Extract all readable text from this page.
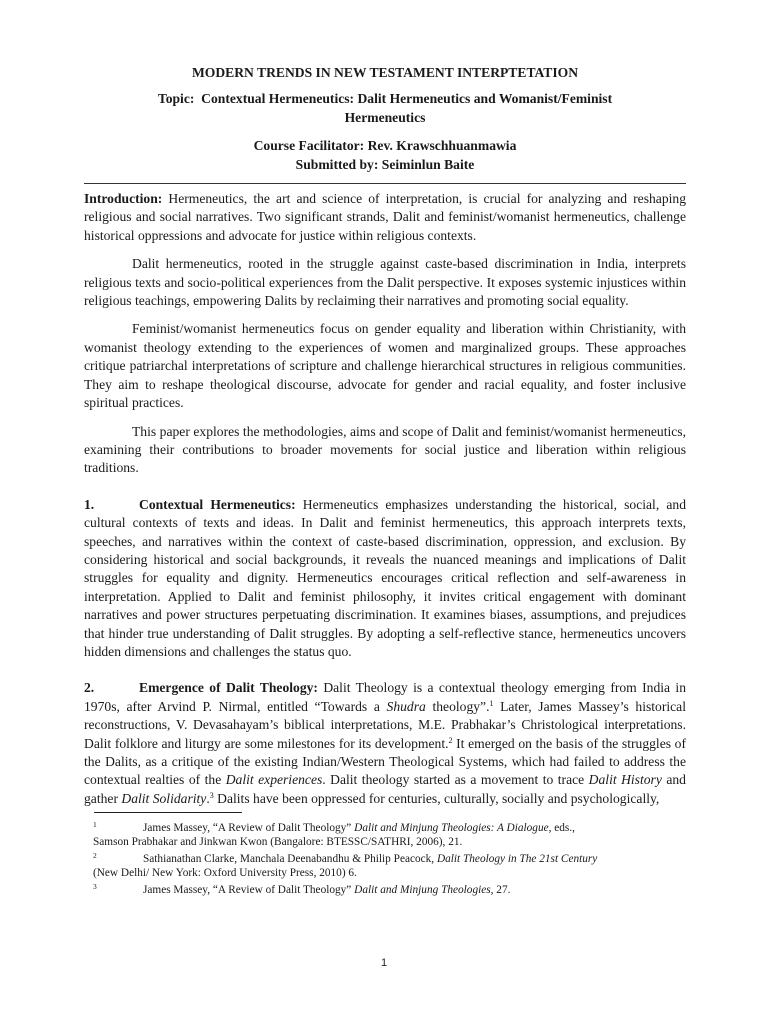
MODERN TRENDS IN NEW TESTAMENT INTERPTETATION
Topic:  Contextual Hermeneutics: Dalit Hermeneutics and Womanist/Feminist
Hermeneutics
Course Facilitator: Rev. Krawschhuanmawia
Submitted by: Seiminlun Baite

Introduction: Hermeneutics, the art and science of interpretation, is crucial for analyzing and reshaping religious and social narratives. Two significant strands, Dalit and feminist/womanist hermeneutics, challenge historical oppressions and advocate for justice within religious contexts.

Dalit hermeneutics, rooted in the struggle against caste-based discrimination in India, interprets religious texts and socio-political experiences from the Dalit perspective. It exposes systemic injustices within religious teachings, empowering Dalits by reclaiming their narratives and promoting social equality.

Feminist/womanist hermeneutics focus on gender equality and liberation within Christianity, with womanist theology extending to the experiences of women and marginalized groups. These approaches critique patriarchal interpretations of scripture and challenge hierarchical structures in religious communities. They aim to reshape theological discourse, advocate for gender and racial equality, and foster inclusive spiritual practices.

This paper explores the methodologies, aims and scope of Dalit and feminist/womanist hermeneutics, examining their contributions to broader movements for social justice and liberation within religious traditions.

1.	Contextual Hermeneutics: Hermeneutics emphasizes understanding the historical, social, and cultural contexts of texts and ideas. In Dalit and feminist hermeneutics, this approach interprets texts, speeches, and narratives within the context of caste-based discrimination, oppression, and exclusion. By considering historical and social backgrounds, it reveals the nuanced meanings and implications of Dalit struggles for equality and dignity. Hermeneutics encourages critical reflection and self-awareness in interpretation. Applied to Dalit and feminist philosophy, it invites critical engagement with dominant narratives and power structures perpetuating discrimination. It examines biases, assumptions, and prejudices that hinder true understanding of Dalit struggles. By adopting a self-reflective stance, hermeneutics uncovers hidden dimensions and challenges the status quo.

2.	Emergence of Dalit Theology: Dalit Theology is a contextual theology emerging from India in 1970s, after Arvind P. Nirmal, entitled “Towards a Shudra theology”.$^1$ Later, James Massey’s historical reconstructions, V. Devasahayam’s biblical interpretations, M.E. Prabhakar’s Christological interpretations. Dalit folklore and liturgy are some milestones for its development.$^2$ It emerged on the basis of the struggles of the Dalits, as a critique of the existing Indian/Western Theological Systems, which had failed to address the contextual realties of the Dalit experiences. Dalit theology started as a movement to trace Dalit History and gather Dalit Solidarity.$^3$ Dalits have been oppressed for centuries, culturally, socially and psychologically,

1	James Massey, “A Review of Dalit Theology” Dalit and Minjung Theologies: A Dialogue, eds.,
Samson Prabhakar and Jinkwan Kwon (Bangalore: BTESSC/SATHRI, 2006), 21.
2	Sathianathan Clarke, Manchala Deenabandhu & Philip Peacock, Dalit Theology in The 21st Century
(New Delhi/ New York: Oxford University Press, 2010) 6.
3	James Massey, “A Review of Dalit Theology” Dalit and Minjung Theologies, 27.
1
